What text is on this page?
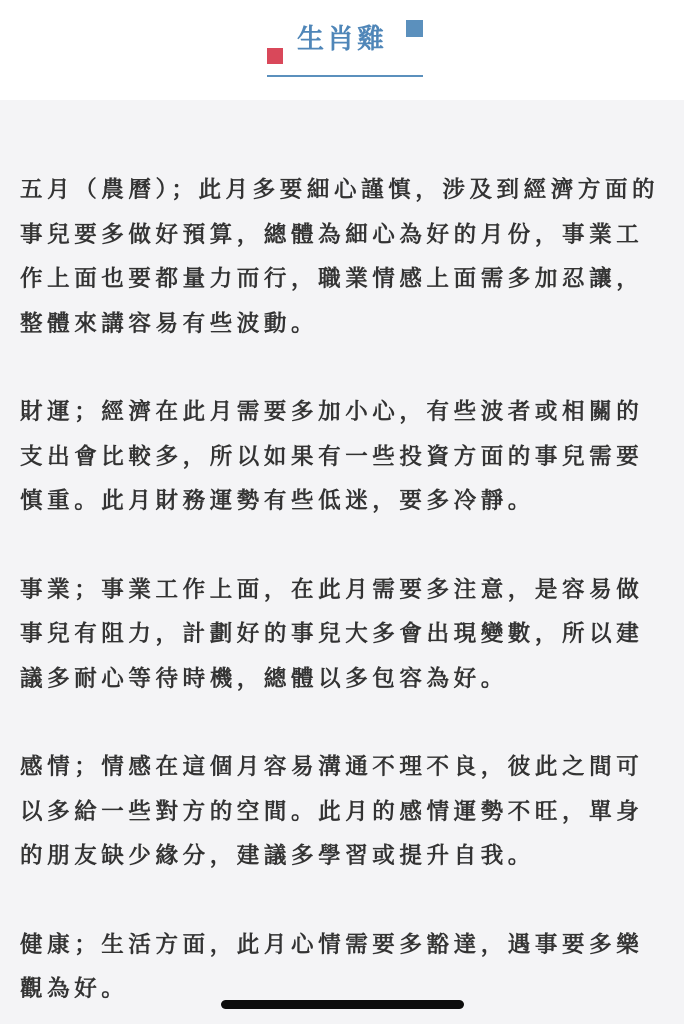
生肖雞

五月（農曆）；此月多要細心謹慎，涉及到經濟方面的事兒要多做好預算，總體為細心為好的月份，事業工作上面也要都量力而行，職業情感上面需多加忍讓，整體來講容易有些波動。

財運；經濟在此月需要多加小心，有些波者或相關的支出會比較多，所以如果有一些投資方面的事兒需要慎重。此月財務運勢有些低迷，要多冷靜。

事業；事業工作上面，在此月需要多注意，是容易做事兒有阻力，計劃好的事兒大多會出現變數，所以建議多耐心等待時機，總體以多包容為好。

感情；情感在這個月容易溝通不理不良，彼此之間可以多給一些對方的空間。此月的感情運勢不旺，單身的朋友缺少緣分，建議多學習或提升自我。

健康；生活方面，此月心情需要多豁達，遇事要多樂觀為好。
